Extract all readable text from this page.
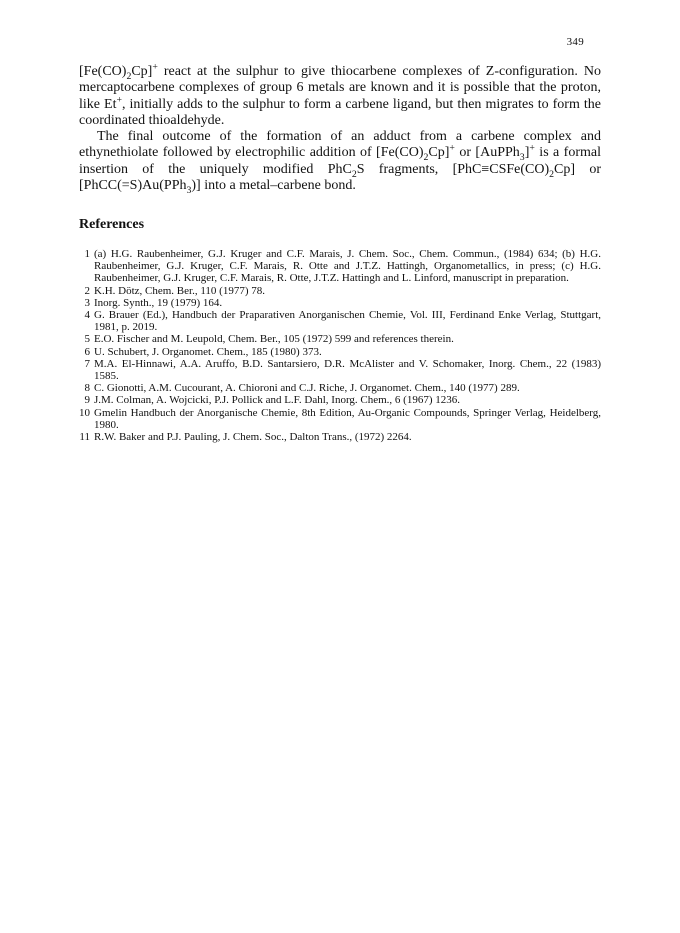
349

$[Fe(CO)_2Cp]^+$ react at the sulphur to give thiocarbene complexes of Z-configuration. No mercaptocarbene complexes of group 6 metals are known and it is possible that the proton, like Et+, initially adds to the sulphur to form a carbene ligand, but then migrates to form the coordinated thioaldehyde.

The final outcome of the formation of an adduct from a carbene complex and ethynethiolate followed by electrophilic addition of $[Fe(CO)_2Cp]^+$ or [AuPPh$_3$]+ is a formal insertion of the uniquely modified PhC$_2$S fragments, $[PhC\equiv CSFe(CO)_2Cp]$ or [PhCC(=S)Au(PPh$_3$)] into a metal–carbene bond.

References
1 (a) H.G. Raubenheimer, G.J. Kruger and C.F. Marais, J. Chem. Soc., Chem. Commun., (1984) 634; (b) H.G. Raubenheimer, G.J. Kruger, C.F. Marais, R. Otte and J.T.Z. Hattingh, Organometallics, in press; (c) H.G. Raubenheimer, G.J. Kruger, C.F. Marais, R. Otte, J.T.Z. Hattingh and L. Linford, manuscript in preparation.
2 K.H. Dötz, Chem. Ber., 110 (1977) 78.
3 Inorg. Synth., 19 (1979) 164.
4 G. Brauer (Ed.), Handbuch der Praparativen Anorganischen Chemie, Vol. III, Ferdinand Enke Verlag, Stuttgart, 1981, p. 2019.
5 E.O. Fischer and M. Leupold, Chem. Ber., 105 (1972) 599 and references therein.
6 U. Schubert, J. Organomet. Chem., 185 (1980) 373.
7 M.A. El-Hinnawi, A.A. Aruffo, B.D. Santarsiero, D.R. McAlister and V. Schomaker, Inorg. Chem., 22 (1983) 1585.
8 C. Gionotti, A.M. Cucourant, A. Chioroni and C.J. Riche, J. Organomet. Chem., 140 (1977) 289.
9 J.M. Colman, A. Wojcicki, P.J. Pollick and L.F. Dahl, Inorg. Chem., 6 (1967) 1236.
10 Gmelin Handbuch der Anorganische Chemie, 8th Edition, Au-Organic Compounds, Springer Verlag, Heidelberg, 1980.
11 R.W. Baker and P.J. Pauling, J. Chem. Soc., Dalton Trans., (1972) 2264.
